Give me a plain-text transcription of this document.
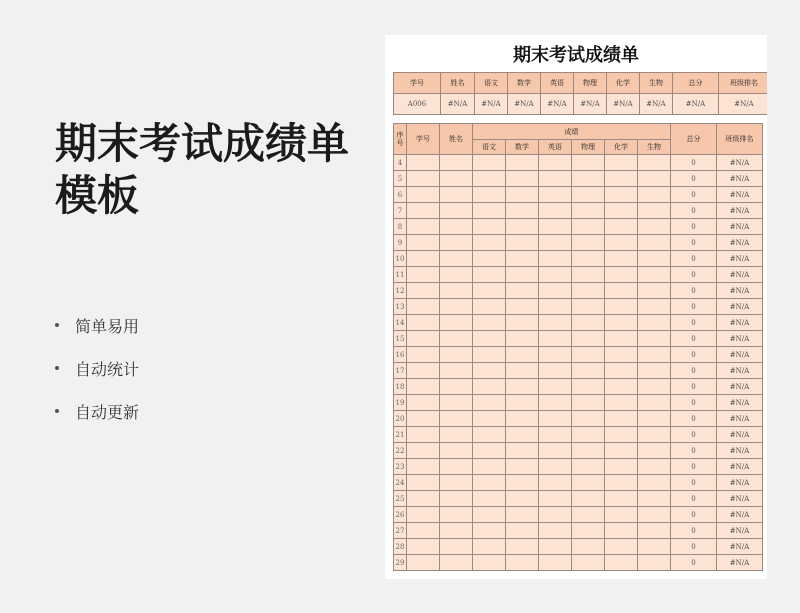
期末考试成绩单模板
简单易用
自动统计
自动更新
期末考试成绩单
学号	姓名	语文	数学	英语	物理	化学	生物	总分	班级排名
A006	#N/A	#N/A	#N/A	#N/A	#N/A	#N/A	#N/A	#N/A	#N/A
序号	学号	姓名	成绩						总分	班级排名
			语文	数学	英语	物理	化学	生物		
4									0	#N/A
5									0	#N/A
6									0	#N/A
7									0	#N/A
8									0	#N/A
9									0	#N/A
10									0	#N/A
11									0	#N/A
12									0	#N/A
13									0	#N/A
14									0	#N/A
15									0	#N/A
16									0	#N/A
17									0	#N/A
18									0	#N/A
19									0	#N/A
20									0	#N/A
21									0	#N/A
22									0	#N/A
23									0	#N/A
24									0	#N/A
25									0	#N/A
26									0	#N/A
27									0	#N/A
28									0	#N/A
29									0	#N/A
